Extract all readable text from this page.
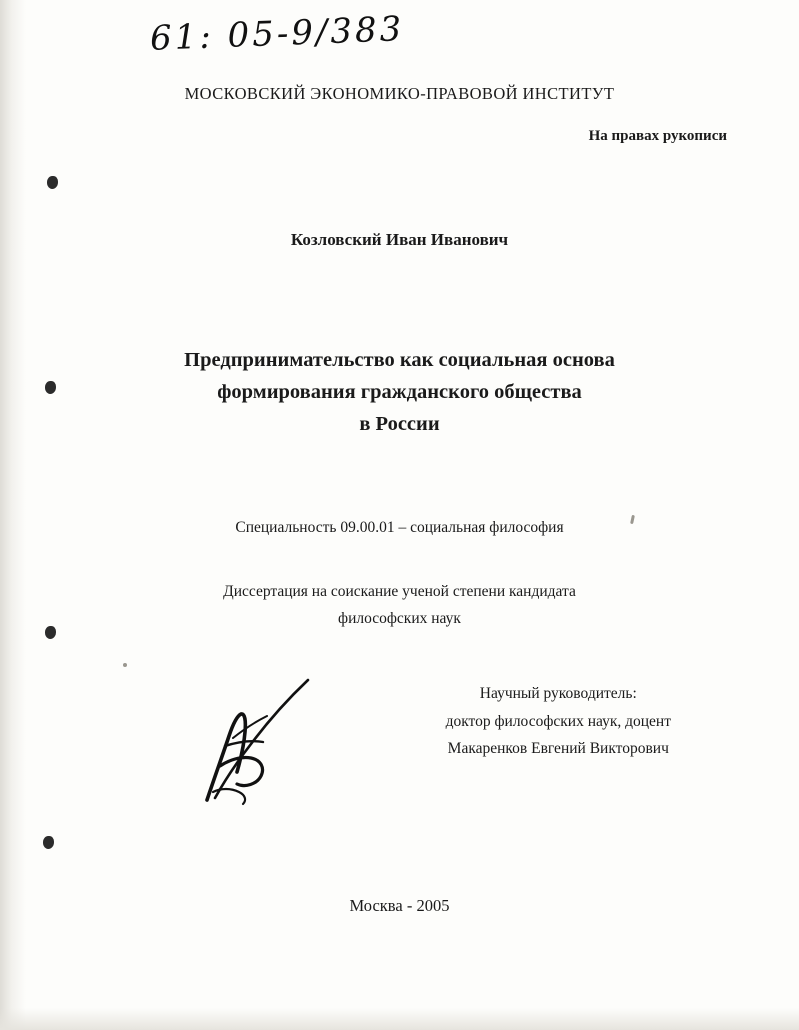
61: 05-9/383
МОСКОВСКИЙ ЭКОНОМИКО-ПРАВОВОЙ ИНСТИТУТ
На правах рукописи
Козловский Иван Иванович
Предпринимательство как социальная основа
формирования гражданского общества
в России
Специальность 09.00.01 – социальная философия
Диссертация на соискание ученой степени кандидата
философских наук
Научный руководитель:
доктор философских наук, доцент
Макаренков Евгений Викторович
Москва - 2005
